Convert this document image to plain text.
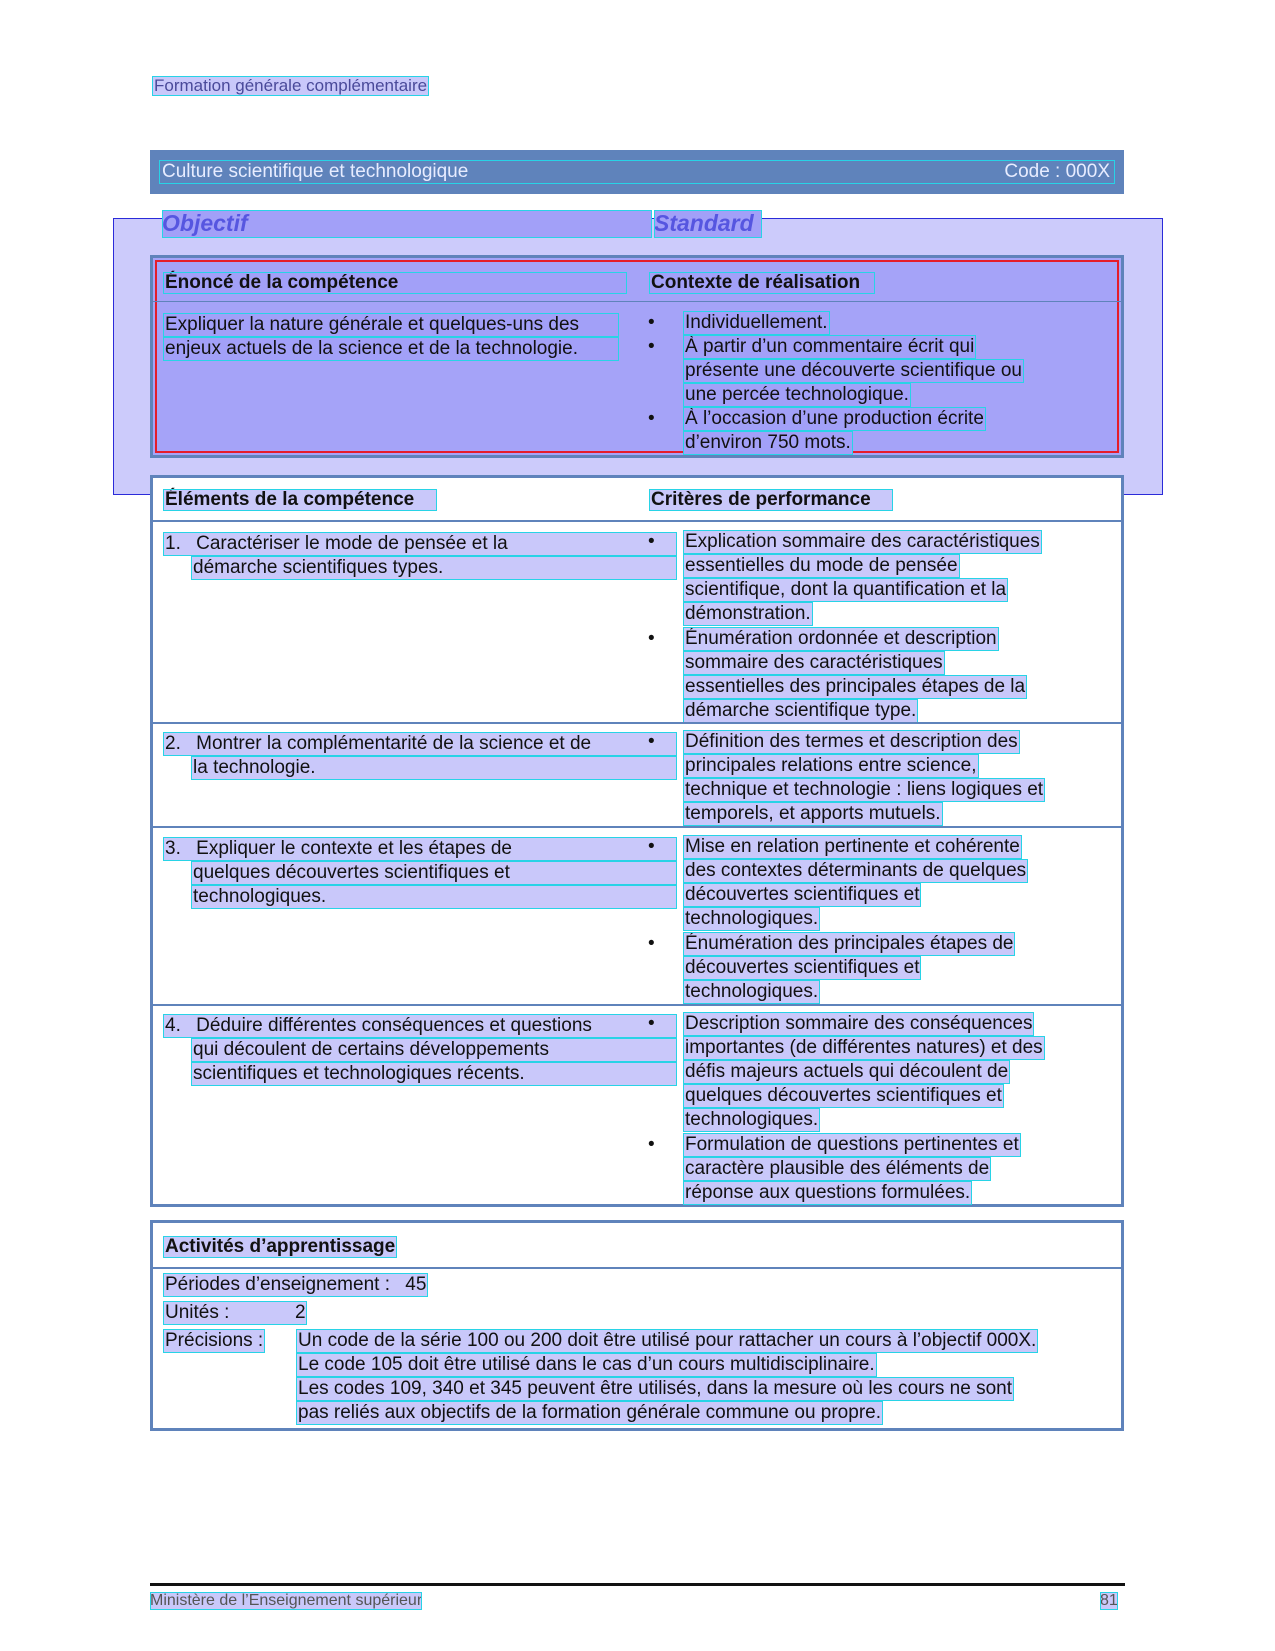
Formation générale complémentaire
Culture scientifique et technologique	Code : 000X
Objectif	Standard
Énoncé de la compétence	Contexte de réalisation
Expliquer la nature générale et quelques-uns des
enjeux actuels de la science et de la technologie.
• Individuellement.
• À partir d’un commentaire écrit qui
présente une découverte scientifique ou
une percée technologique.
• À l’occasion d’une production écrite
d’environ 750 mots.
Éléments de la compétence	Critères de performance
1. Caractériser le mode de pensée et la
démarche scientifiques types.
• Explication sommaire des caractéristiques
essentielles du mode de pensée
scientifique, dont la quantification et la
démonstration.
• Énumération ordonnée et description
sommaire des caractéristiques
essentielles des principales étapes de la
démarche scientifique type.
2. Montrer la complémentarité de la science et de
la technologie.
• Définition des termes et description des
principales relations entre science,
technique et technologie : liens logiques et
temporels, et apports mutuels.
3. Expliquer le contexte et les étapes de
quelques découvertes scientifiques et
technologiques.
• Mise en relation pertinente et cohérente
des contextes déterminants de quelques
découvertes scientifiques et
technologiques.
• Énumération des principales étapes de
découvertes scientifiques et
technologiques.
4. Déduire différentes conséquences et questions
qui découlent de certains développements
scientifiques et technologiques récents.
• Description sommaire des conséquences
importantes (de différentes natures) et des
défis majeurs actuels qui découlent de
quelques découvertes scientifiques et
technologiques.
• Formulation de questions pertinentes et
caractère plausible des éléments de
réponse aux questions formulées.
Activités d’apprentissage
Périodes d’enseignement : 45
Unités :	2
Précisions : Un code de la série 100 ou 200 doit être utilisé pour rattacher un cours à l’objectif 000X.
Le code 105 doit être utilisé dans le cas d’un cours multidisciplinaire.
Les codes 109, 340 et 345 peuvent être utilisés, dans la mesure où les cours ne sont
pas reliés aux objectifs de la formation générale commune ou propre.
Ministère de l’Enseignement supérieur	81
